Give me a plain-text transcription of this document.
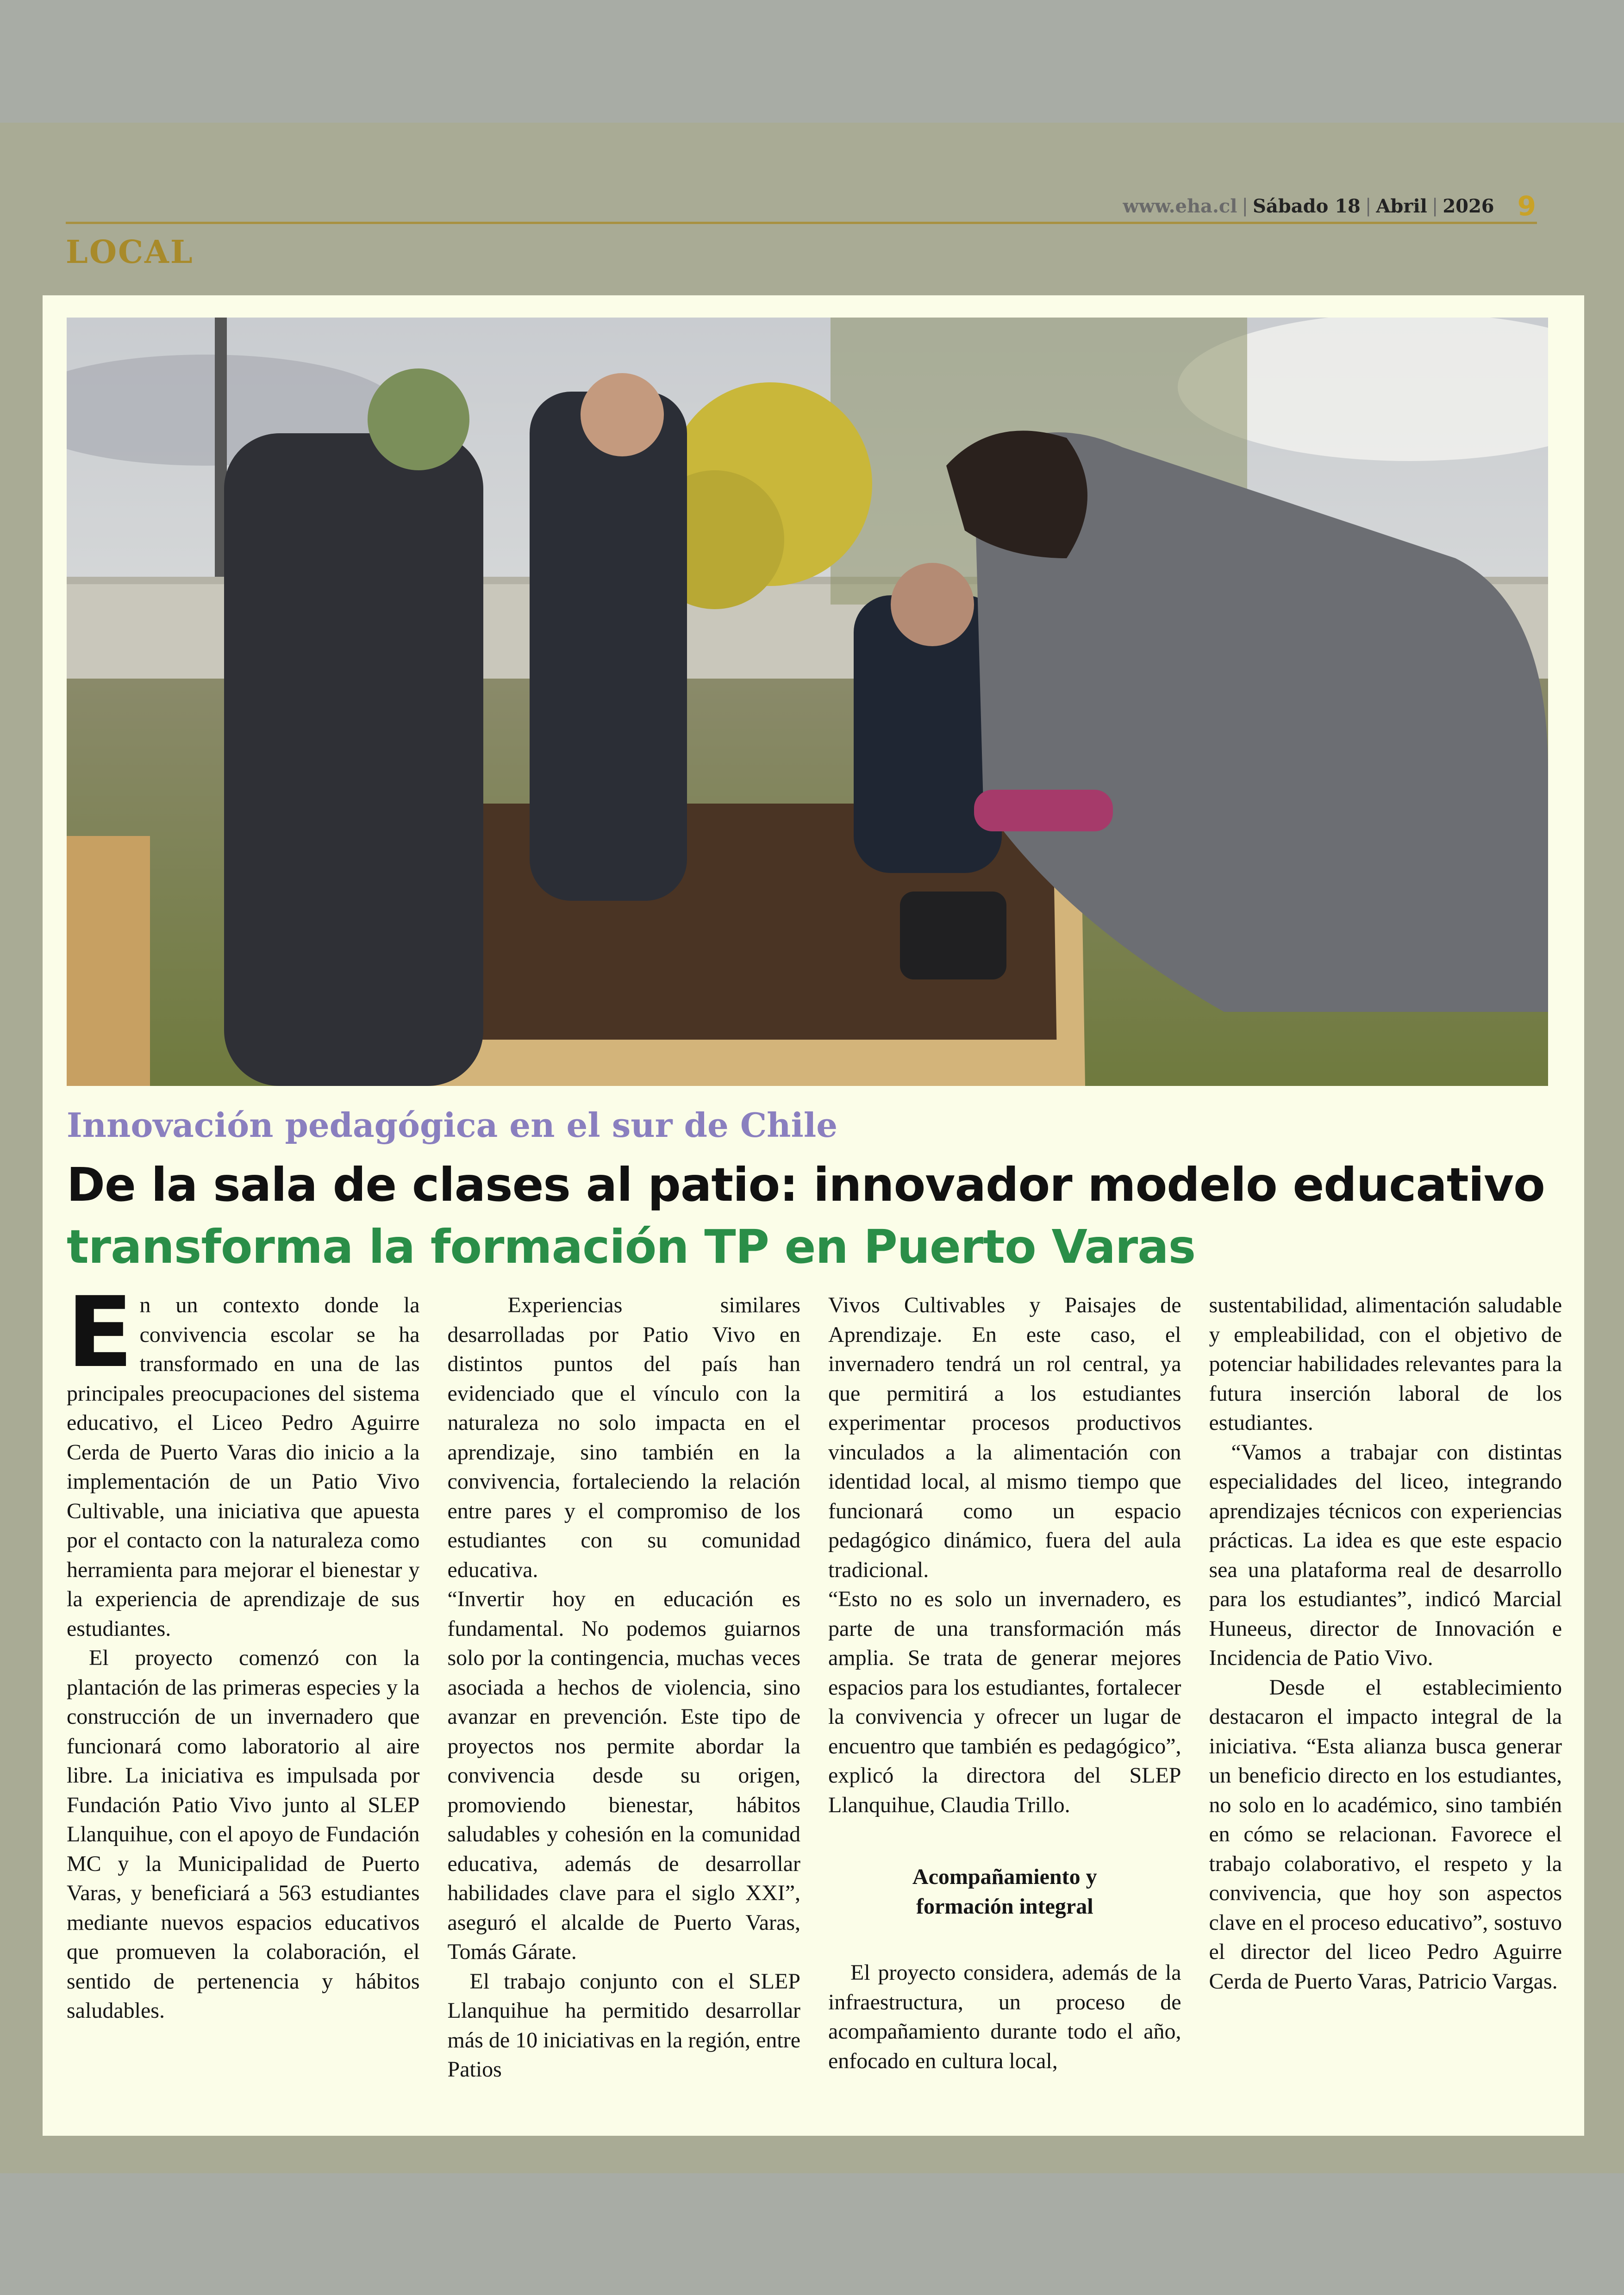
www.eha.cl | Sábado 18 | Abril | 2026 9
LOCAL
Innovación pedagógica en el sur de Chile
De la sala de clases al patio: innovador modelo educativo transforma la formación TP en Puerto Varas

En un contexto donde la convivencia escolar se ha transformado en una de las principales preocupaciones del sistema educativo, el Liceo Pedro Aguirre Cerda de Puerto Varas dio inicio a la implementación de un Patio Vivo Cultivable, una iniciativa que apuesta por el contacto con la naturaleza como herramienta para mejorar el bienestar y la experiencia de aprendizaje de sus estudiantes.

El proyecto comenzó con la plantación de las primeras especies y la construcción de un invernadero que funcionará como laboratorio al aire libre. La iniciativa es impulsada por Fundación Patio Vivo junto al SLEP Llanquihue, con el apoyo de Fundación MC y la Municipalidad de Puerto Varas, y beneficiará a 563 estudiantes mediante nuevos espacios educativos que promueven la colaboración, el sentido de pertenencia y hábitos saludables.

Experiencias similares desarrolladas por Patio Vivo en distintos puntos del país han evidenciado que el vínculo con la naturaleza no solo impacta en el aprendizaje, sino también en la convivencia, fortaleciendo la relación entre pares y el compromiso de los estudiantes con su comunidad educativa.

“Invertir hoy en educación es fundamental. No podemos guiarnos solo por la contingencia, muchas veces asociada a hechos de violencia, sino avanzar en prevención. Este tipo de proyectos nos permite abordar la convivencia desde su origen, promoviendo bienestar, hábitos saludables y cohesión en la comunidad educativa, además de desarrollar habilidades clave para el siglo XXI”, aseguró el alcalde de Puerto Varas, Tomás Gárate.

El trabajo conjunto con el SLEP Llanquihue ha permitido desarrollar más de 10 iniciativas en la región, entre Patios

Vivos Cultivables y Paisajes de Aprendizaje. En este caso, el invernadero tendrá un rol central, ya que permitirá a los estudiantes experimentar procesos productivos vinculados a la alimentación con identidad local, al mismo tiempo que funcionará como un espacio pedagógico dinámico, fuera del aula tradicional.

“Esto no es solo un invernadero, es parte de una transformación más amplia. Se trata de generar mejores espacios para los estudiantes, fortalecer la convivencia y ofrecer un lugar de encuentro que también es pedagógico”, explicó la directora del SLEP Llanquihue, Claudia Trillo.

Acompañamiento y
formación integral

El proyecto considera, además de la infraestructura, un proceso de acompañamiento durante todo el año, enfocado en cultura local,

sustentabilidad, alimentación saludable y empleabilidad, con el objetivo de potenciar habilidades relevantes para la futura inserción laboral de los estudiantes.

“Vamos a trabajar con distintas especialidades del liceo, integrando aprendizajes técnicos con experiencias prácticas. La idea es que este espacio sea una plataforma real de desarrollo para los estudiantes”, indicó Marcial Huneeus, director de Innovación e Incidencia de Patio Vivo.

Desde el establecimiento destacaron el impacto integral de la iniciativa. “Esta alianza busca generar un beneficio directo en los estudiantes, no solo en lo académico, sino también en cómo se relacionan. Favorece el trabajo colaborativo, el respeto y la convivencia, que hoy son aspectos clave en el proceso educativo”, sostuvo el director del liceo Pedro Aguirre Cerda de Puerto Varas, Patricio Vargas.
